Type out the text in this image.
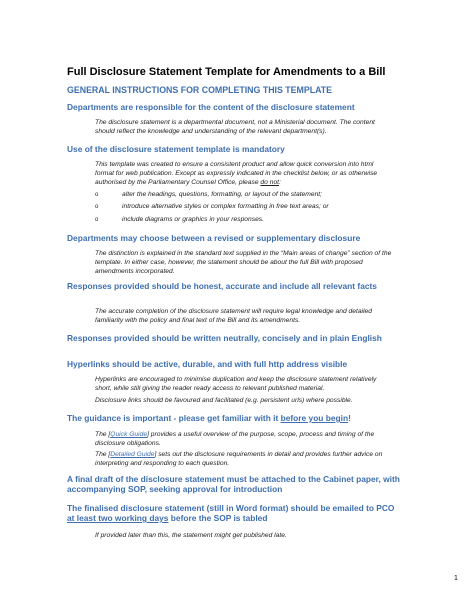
Full Disclosure Statement Template for Amendments to a Bill
GENERAL INSTRUCTIONS FOR COMPLETING THIS TEMPLATE
Departments are responsible for the content of the disclosure statement
The disclosure statement is a departmental document, not a Ministerial document. The content should reflect the knowledge and understanding of the relevant department(s).
Use of the disclosure statement template is mandatory
This template was created to ensure a consistent product and allow quick conversion into html format for web publication. Except as expressly indicated in the checklist below, or as otherwise authorised by the Parliamentary Counsel Office, please do not:
o	alter the headings, questions, formatting, or layout of the statement;
o	introduce alternative styles or complex formatting in free text areas; or
o	include diagrams or graphics in your responses.
Departments may choose between a revised or supplementary disclosure
The distinction is explained in the standard text supplied in the “Main areas of change” section of the template. In either case, however, the statement should be about the full Bill with proposed amendments incorporated.
Responses provided should be honest, accurate and include all relevant facts
The accurate completion of the disclosure statement will require legal knowledge and detailed familiarity with the policy and final text of the Bill and its amendments.
Responses provided should be written neutrally, concisely and in plain English
Hyperlinks should be active, durable, and with full http address visible
Hyperlinks are encouraged to minimise duplication and keep the disclosure statement relatively short, while still giving the reader ready access to relevant published material.
Disclosure links should be favoured and facilitated (e.g. persistent urls) where possible.
The guidance is important - please get familiar with it before you begin!
The [Quick Guide] provides a useful overview of the purpose, scope, process and timing of the disclosure obligations.
The [Detailed Guide] sets out the disclosure requirements in detail and provides further advice on interpreting and responding to each question.
A final draft of the disclosure statement must be attached to the Cabinet paper, with accompanying SOP, seeking approval for introduction
The finalised disclosure statement (still in Word format) should be emailed to PCO at least two working days before the SOP is tabled
If provided later than this, the statement might get published late.
1
